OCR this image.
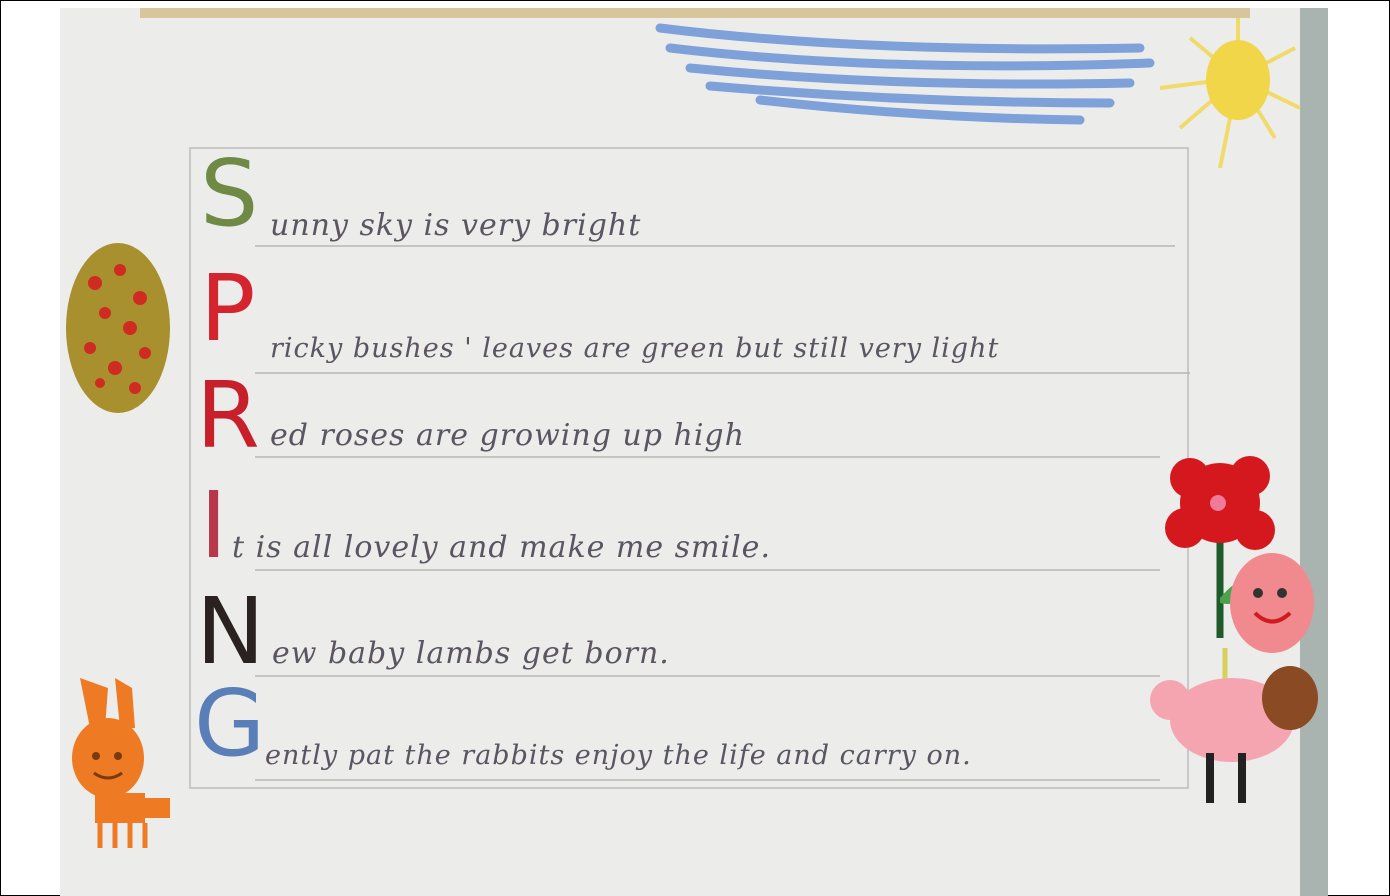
S unny sky is very bright
P ricky bushes ' leaves are green but still very light
R ed roses are growing up high
I t is all lovely and make me smile.
N ew baby lambs get born.
G ently pat the rabbits enjoy the life and carry on.
